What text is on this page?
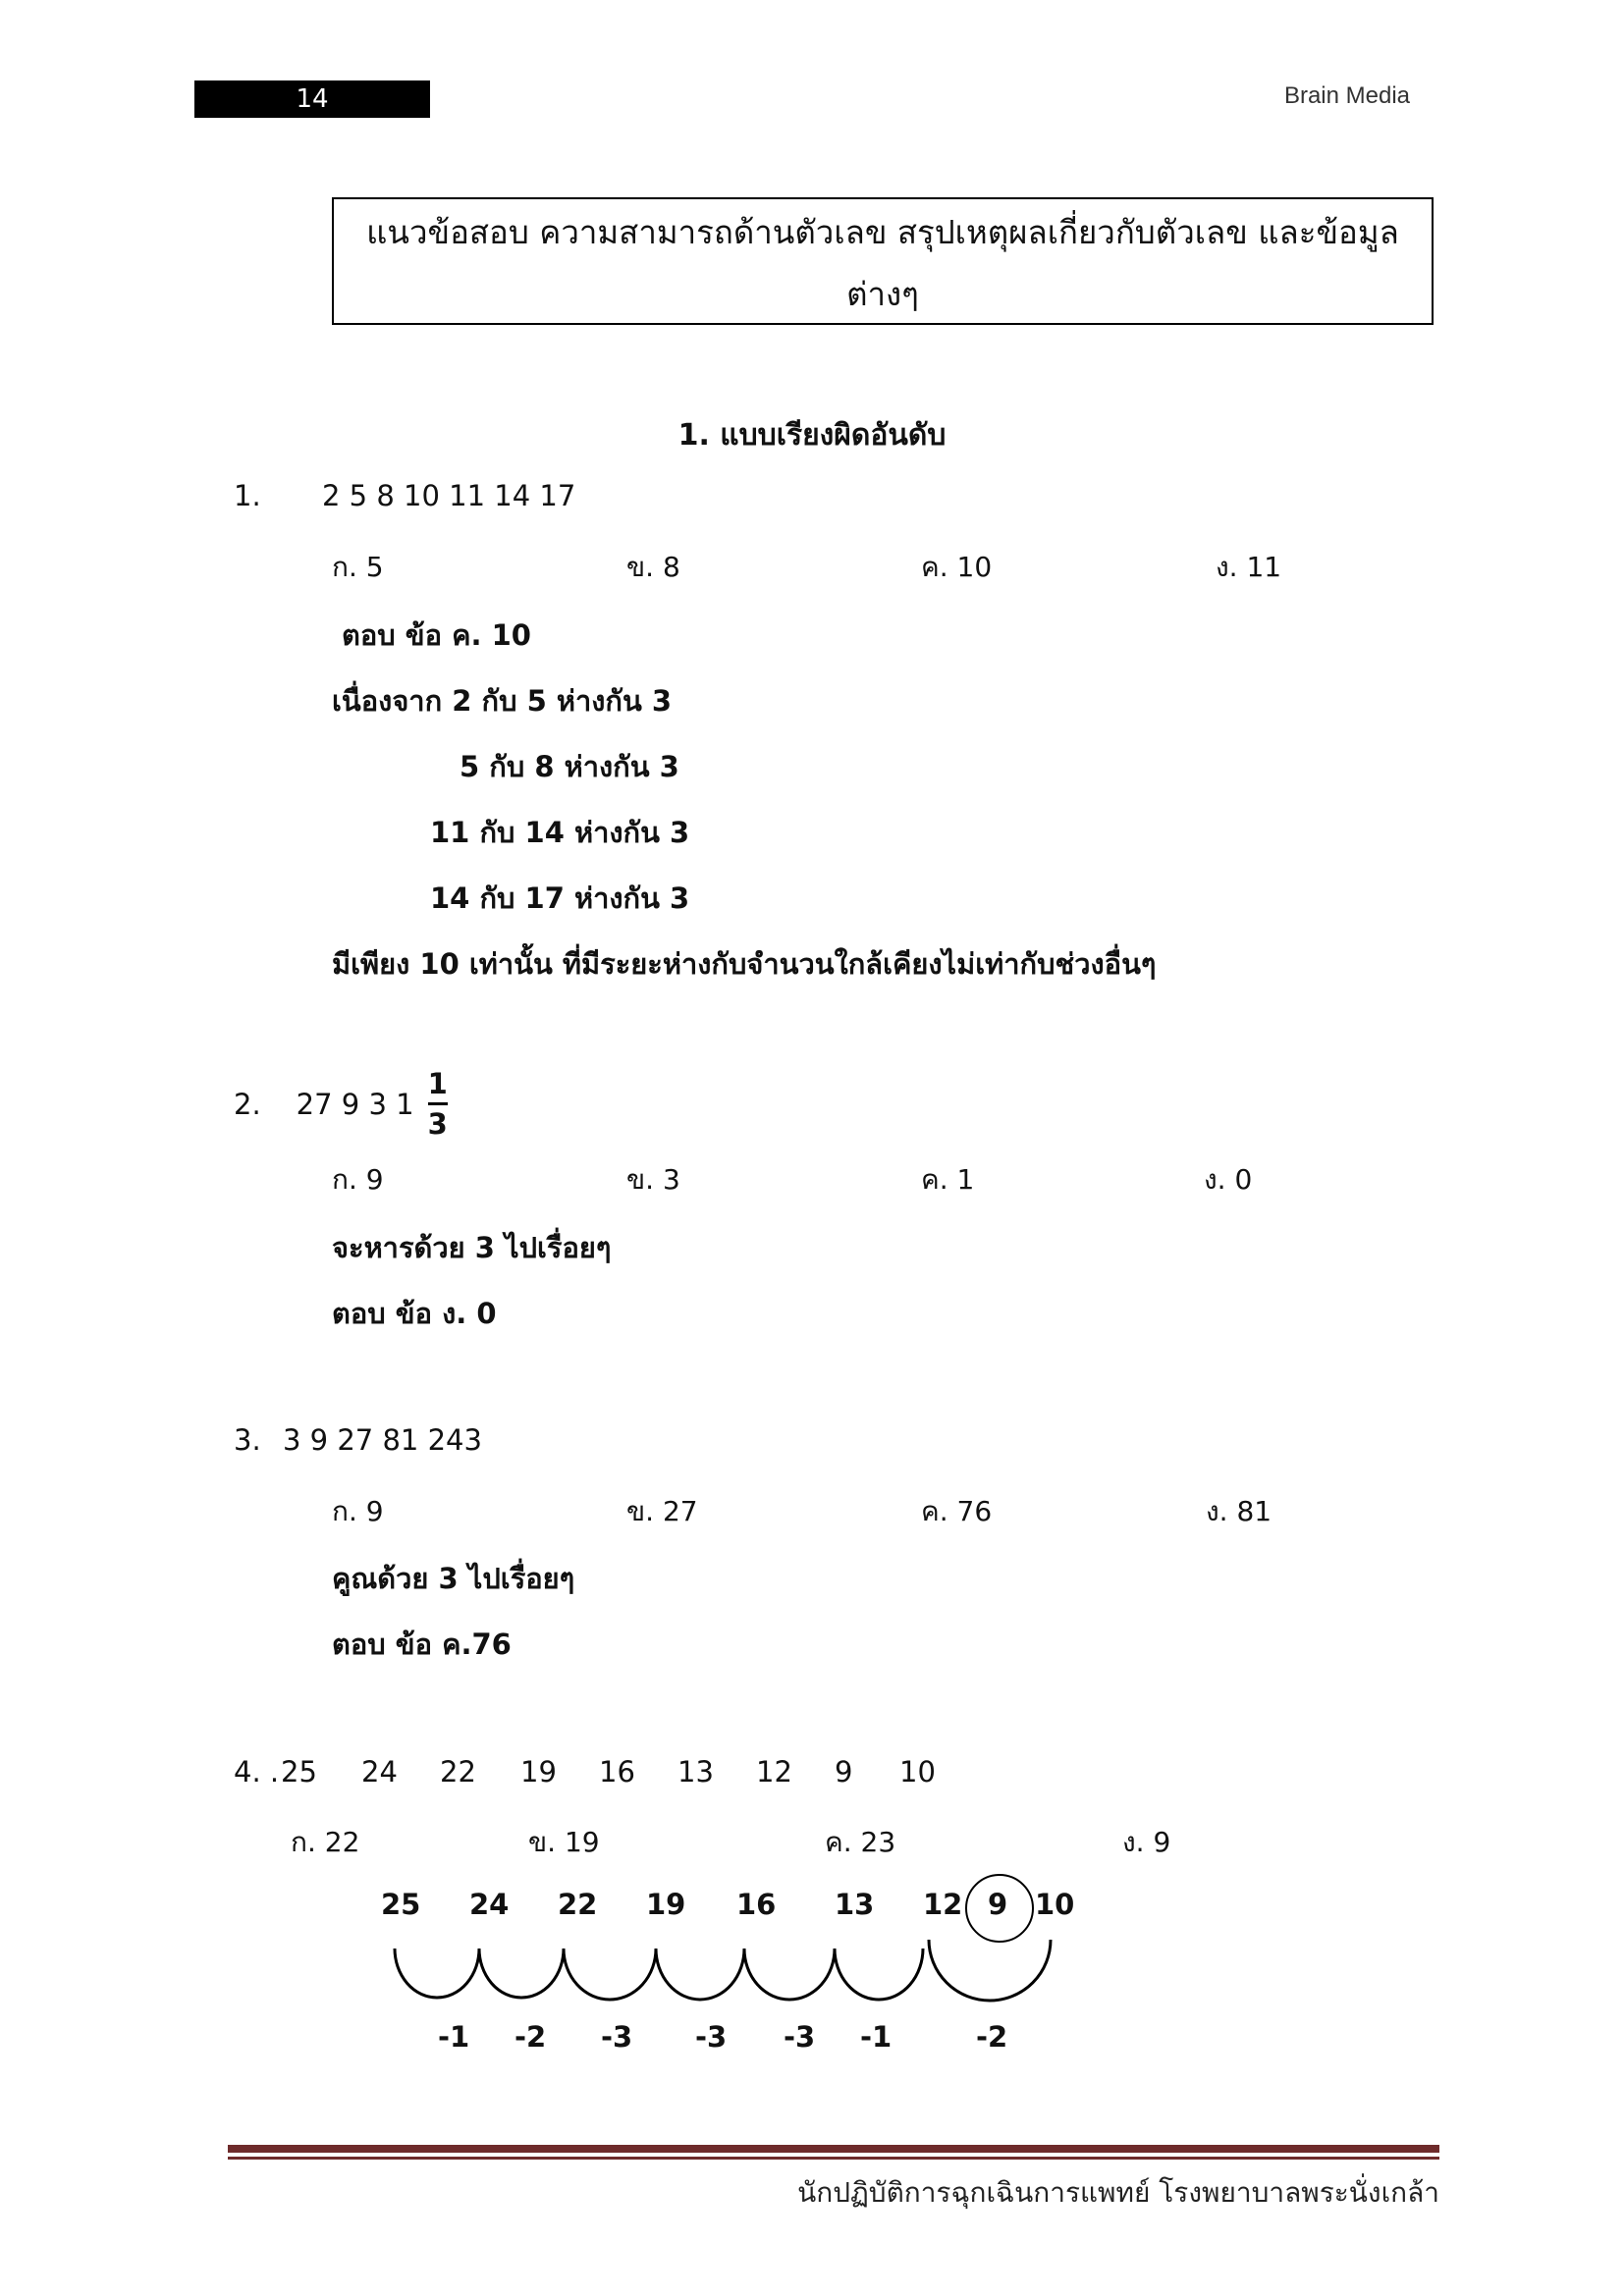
14	Brain Media
แนวข้อสอบ ความสามารถด้านตัวเลข สรุปเหตุผลเกี่ยวกับตัวเลข และข้อมูล
ต่างๆ
1. แบบเรียงผิดอันดับ
1. 2 5 8 10 11 14 17
ก. 5	ข. 8	ค. 10	ง. 11
ตอบ ข้อ ค. 10
เนื่องจาก 2 กับ 5 ห่างกัน 3
5 กับ 8 ห่างกัน 3
11 กับ 14 ห่างกัน 3
14 กับ 17 ห่างกัน 3
มีเพียง 10 เท่านั้น ที่มีระยะห่างกับจำนวนใกล้เคียงไม่เท่ากับช่วงอื่นๆ
2. 27 9 3 $1 \frac{1}{3}$
ก. 9	ข. 3	ค. 1	ง. 0
จะหารด้วย 3 ไปเรื่อยๆ
ตอบ ข้อ ง. 0
3. 3 9 27 81 243
ก. 9	ข. 27	ค. 76	ง. 81
คูณด้วย 3 ไปเรื่อยๆ
ตอบ ข้อ ค.76
4. . 25 24 22 19 16 13 12 9 10
ก. 22	ข. 19	ค. 23	ง. 9
25 24 22 19 16 13 12 9 10
-1 -2 -3 -3 -3 -1	-2
นักปฏิบัติการฉุกเฉินการแพทย์ โรงพยาบาลพระนั่งเกล้า
